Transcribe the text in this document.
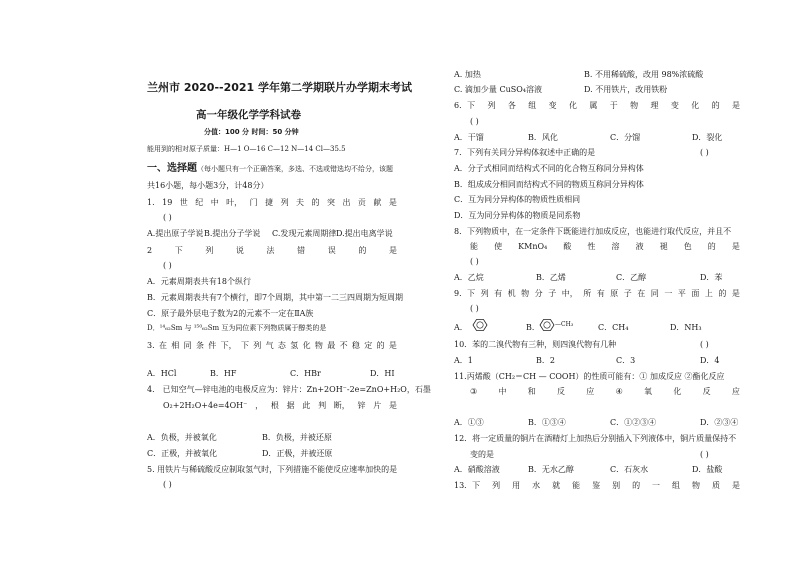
兰州市 2020--2021 学年第二学期联片办学期末考试
高一年级化学学科试卷
分值：100 分 时间：50 分钟
能用到的相对原子质量：H—1 O—16 C—12 N—14 Cl—35.5
一、选择题（每小题只有一个正确答案，多选、不选或错选均不给分，该题
共16小题，每小题3分，计48分）
1. 19 世 纪 中 叶， 门 捷 列 夫 的 突 出 贡 献 是
( )
A.提出原子学说 B.提出分子学说 C.发现元素周期律 D.提出电离学说
2	下	列	说	法	错	误	的	是
( )
A．元素周期表共有18个纵行
B．元素周期表共有7个横行，即7个周期，其中第一二三四周期为短周期
C．原子最外层电子数为2的元素不一定在ⅡA族
D．¹⁴₆₂Sm 与 ¹⁵⁰₆₂Sm 互为同位素下列物质属于醇类的是
3. 在 相 同 条 件 下， 下 列 气 态 氢 化 物 最 不 稳 定 的 是
A．HCl	B．HF	C．HBr	D．HI
4． 已知空气—锌电池的电极反应为：锌片：Zn+2OH⁻-2e=ZnO+H₂O，石墨
O₂+2H₂O+4e=4OH⁻ ， 根 据 此 判 断， 锌 片 是
A．负极，并被氧化	B．负极，并被还原
C．正极，并被氧化	D．正极，并被还原
5. 用铁片与稀硫酸反应制取氢气时，下列措施不能使反应速率加快的是
( )
A. 加热	B. 不用稀硫酸，改用 98%浓硫酸
C. 滴加少量 CuSO₄溶液	D. 不用铁片，改用铁粉
6．下 列 各 组 变 化 属 于 物 理 变 化 的 是
( )
A．干馏	B．风化	C．分馏	D．裂化
7．下列有关同分异构体叙述中正确的是	( )
A．分子式相同而结构式不同的化合物互称同分异构体
B．组成成分相同而结构式不同的物质互称同分异构体
C．互为同分异构体的物质性质相同
D．互为同分异构体的物质是同系物
8．下列物质中，在一定条件下既能进行加成反应，也能进行取代反应，并且不
能 使 KMnO₄ 酸 性 溶 液 褪 色 的 是
( )
A．乙烷	B．乙烯	C．乙醇	D．苯
9．下 列 有 机 物 分 子 中， 所 有 原 子 在 同 一 平 面 上 的 是
( )
A．	B．	—CH₃	C．CH₄	D．NH₃
10．苯的二溴代物有三种，则四溴代物有几种	( )
A．1	B．2	C．3	D．4
11.丙烯酸（CH₂＝CH — COOH）的性质可能有：① 加成反应 ②酯化反应
③	中	和	反	应	④	氧	化	反	应
A．①③	B．①③④	C．①②③④	D．②③④
12．将一定质量的铜片在酒精灯上加热后分别插入下列液体中，铜片质量保持不
变的是	( )
A．硝酸溶液	B．无水乙醇	C．石灰水	D．盐酸
13．下 列 用 水 就 能 鉴 别 的 一 组 物 质 是
